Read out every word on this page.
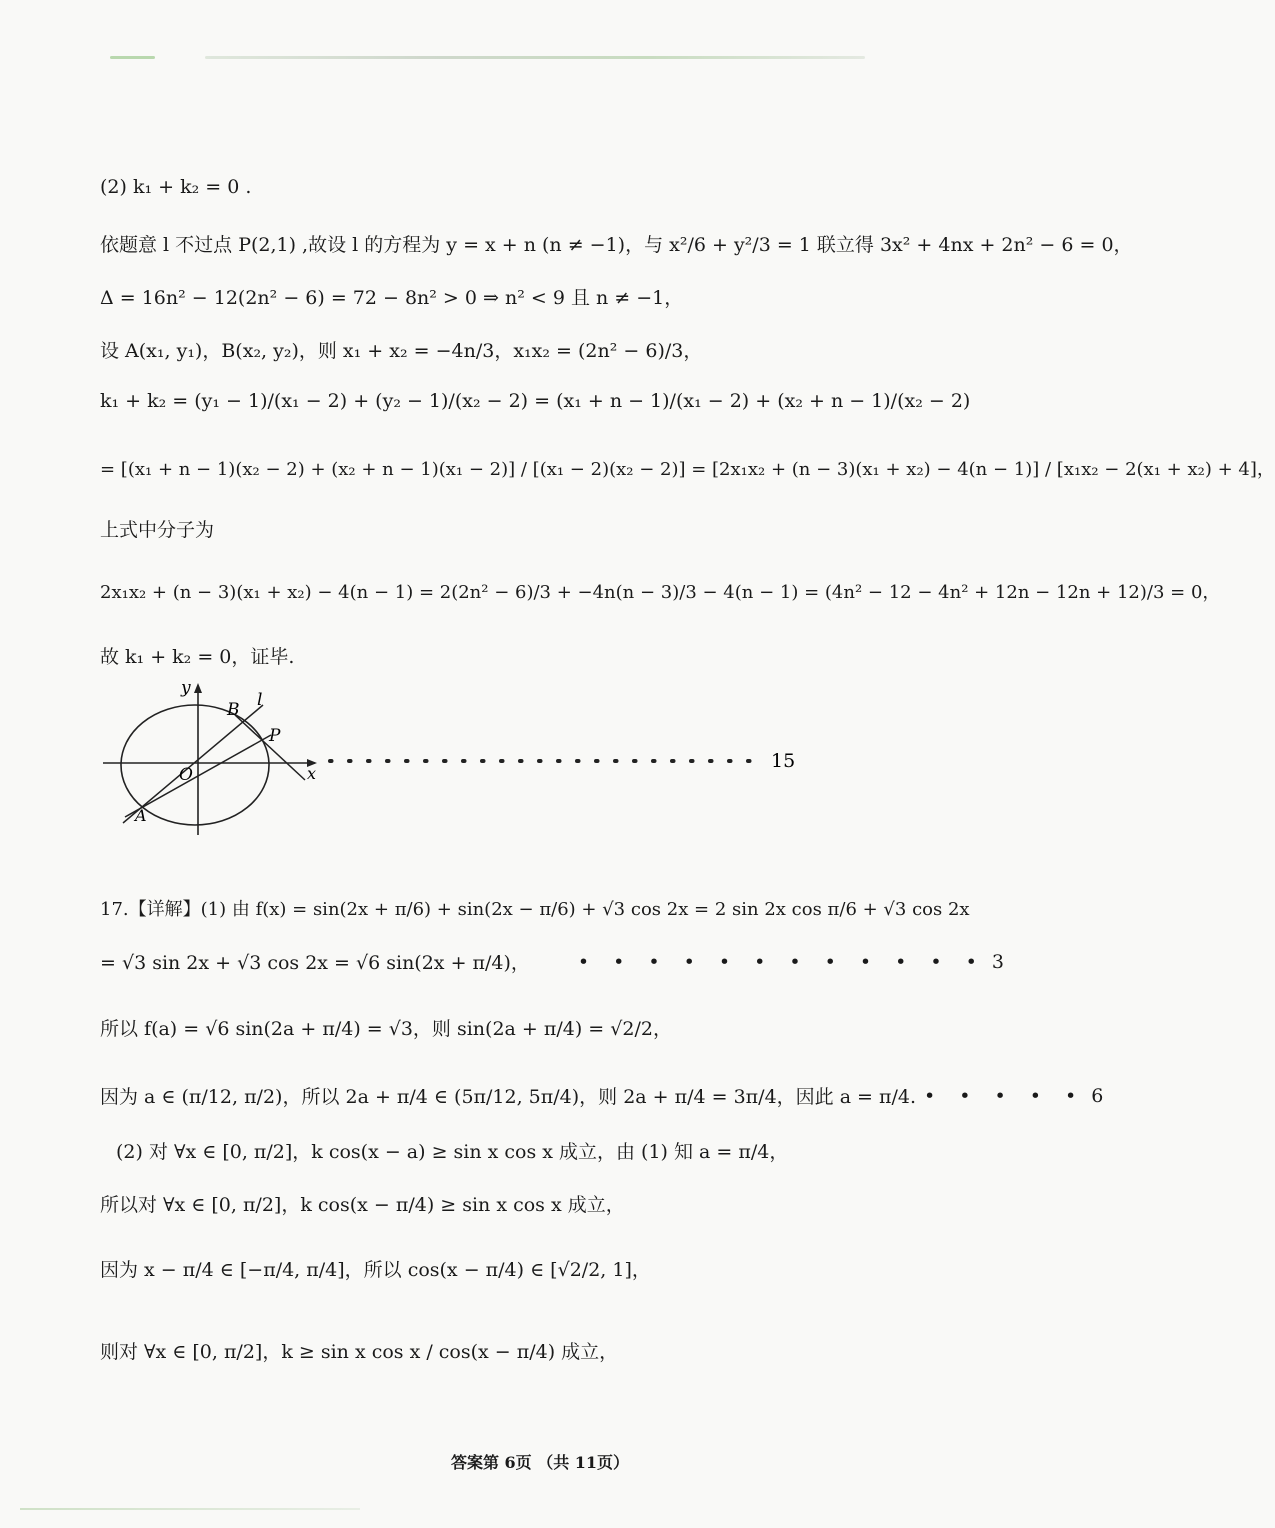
(2) k₁ + k₂ = 0 .
依题意 l 不过点 P(2,1) ,故设 l 的方程为 y = x + n (n ≠ −1)，与 x²/6 + y²/3 = 1 联立得 3x² + 4nx + 2n² − 6 = 0，
Δ = 16n² − 12(2n² − 6) = 72 − 8n² > 0 ⇒ n² < 9 且 n ≠ −1，
设 A(x₁, y₁)，B(x₂, y₂)，则 x₁ + x₂ = −4n/3，x₁x₂ = (2n² − 6)/3，
k₁ + k₂ = (y₁ − 1)/(x₁ − 2) + (y₂ − 1)/(x₂ − 2) = (x₁ + n − 1)/(x₁ − 2) + (x₂ + n − 1)/(x₂ − 2)
= [(x₁ + n − 1)(x₂ − 2) + (x₂ + n − 1)(x₁ − 2)] / [(x₁ − 2)(x₂ − 2)] = [2x₁x₂ + (n − 3)(x₁ + x₂) − 4(n − 1)] / [x₁x₂ − 2(x₁ + x₂) + 4]，
上式中分子为
2x₁x₂ + (n − 3)(x₁ + x₂) − 4(n − 1) = 2(2n² − 6)/3 + −4n(n − 3)/3 − 4(n − 1) = (4n² − 12 − 4n² + 12n − 12n + 12)/3 = 0，
故 k₁ + k₂ = 0，证毕.
y
x
O
A
B
P
l
15
17.【详解】(1) 由 f(x) = sin(2x + π/6) + sin(2x − π/6) + √3 cos 2x = 2 sin 2x cos π/6 + √3 cos 2x
= √3 sin 2x + √3 cos 2x = √6 sin(2x + π/4)，	• • • • • • • • • • • • 3
所以 f(a) = √6 sin(2a + π/4) = √3，则 sin(2a + π/4) = √2/2，
因为 a ∈ (π/12, π/2)，所以 2a + π/4 ∈ (5π/12, 5π/4)，则 2a + π/4 = 3π/4，因此 a = π/4. • • • • • 6
(2) 对 ∀x ∈ [0, π/2]，k cos(x − a) ≥ sin x cos x 成立，由 (1) 知 a = π/4，
所以对 ∀x ∈ [0, π/2]，k cos(x − π/4) ≥ sin x cos x 成立，
因为 x − π/4 ∈ [−π/4, π/4]，所以 cos(x − π/4) ∈ [√2/2, 1]，
则对 ∀x ∈ [0, π/2]，k ≥ sin x cos x / cos(x − π/4) 成立，
答案第 6页 （共 11页）
